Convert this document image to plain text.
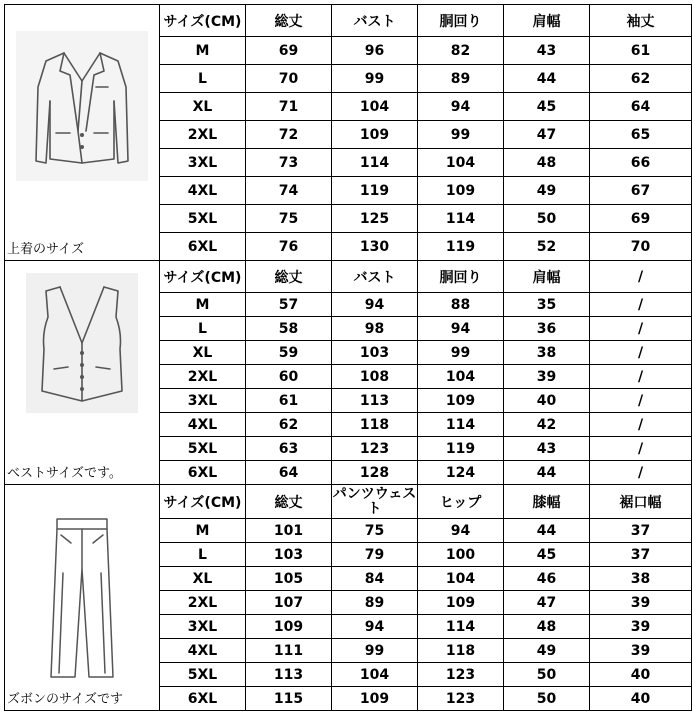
上着のサイズ	サイズ(CM)	総丈	バスト	胴回り	肩幅	袖丈
	M	69	96	82	43	61
	L	70	99	89	44	62
	XL	71	104	94	45	64
	2XL	72	109	99	47	65
	3XL	73	114	104	48	66
	4XL	74	119	109	49	67
	5XL	75	125	114	50	69
	6XL	76	130	119	52	70

ベストサイズです。	サイズ(CM)	総丈	バスト	胴回り	肩幅	/
	M	57	94	88	35	/
	L	58	98	94	36	/
	XL	59	103	99	38	/
	2XL	60	108	104	39	/
	3XL	61	113	109	40	/
	4XL	62	118	114	42	/
	5XL	63	123	119	43	/
	6XL	64	128	124	44	/

ズボンのサイズです	サイズ(CM)	総丈	パンツウェスト	ヒップ	膝幅	裾口幅
	M	101	75	94	44	37
	L	103	79	100	45	37
	XL	105	84	104	46	38
	2XL	107	89	109	47	39
	3XL	109	94	114	48	39
	4XL	111	99	118	49	39
	5XL	113	104	123	50	40
	6XL	115	109	123	50	40
